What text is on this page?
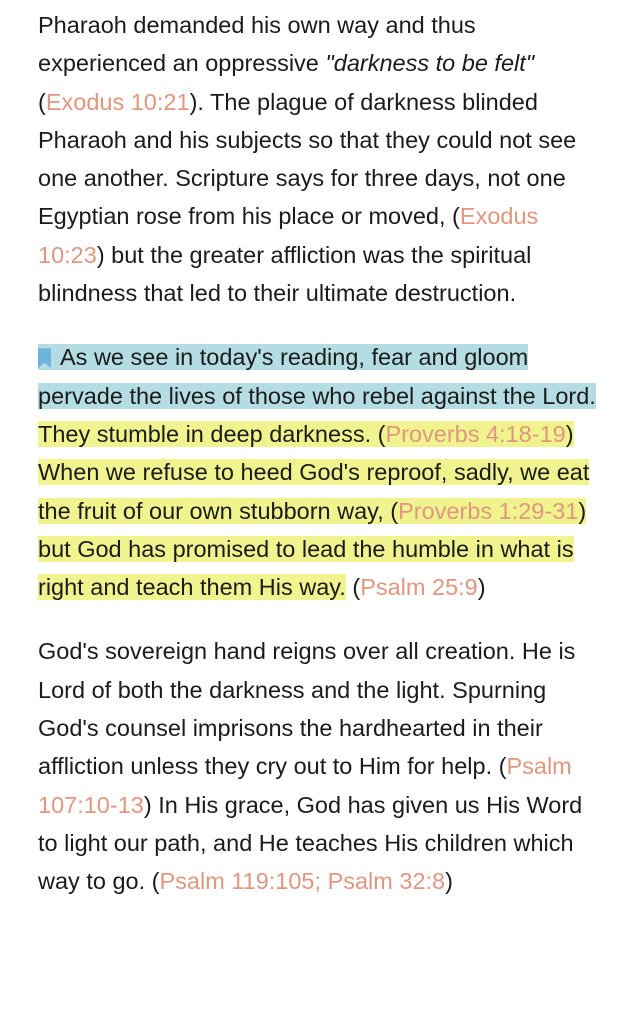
Pharaoh demanded his own way and thus experienced an oppressive "darkness to be felt" (Exodus 10:21). The plague of darkness blinded Pharaoh and his subjects so that they could not see one another. Scripture says for three days, not one Egyptian rose from his place or moved, (Exodus 10:23) but the greater affliction was the spiritual blindness that led to their ultimate destruction.

As we see in today's reading, fear and gloom pervade the lives of those who rebel against the Lord. They stumble in deep darkness. (Proverbs 4:18-19) When we refuse to heed God's reproof, sadly, we eat the fruit of our own stubborn way, (Proverbs 1:29-31) but God has promised to lead the humble in what is right and teach them His way. (Psalm 25:9)

God's sovereign hand reigns over all creation. He is Lord of both the darkness and the light. Spurning God's counsel imprisons the hardhearted in their affliction unless they cry out to Him for help. (Psalm 107:10-13) In His grace, God has given us His Word to light our path, and He teaches His children which way to go. (Psalm 119:105; Psalm 32:8)
